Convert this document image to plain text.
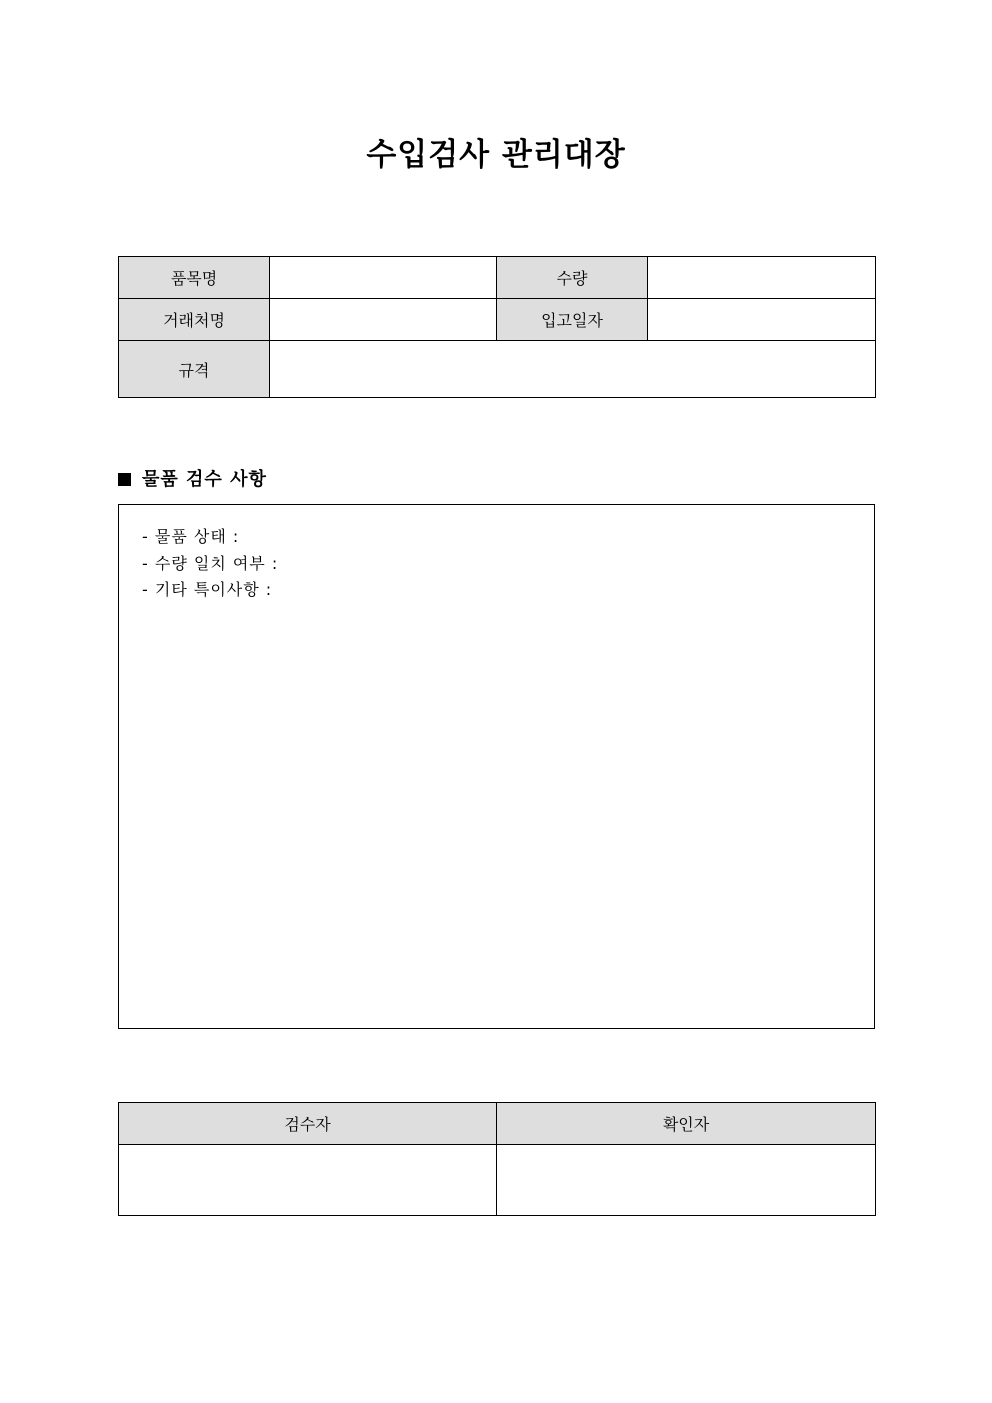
수입검사 관리대장
품목명		수량	
거래처명		입고일자	
규격			
물품 검수 사항
- 물품 상태 :
- 수량 일치 여부 :
- 기타 특이사항 :
검수자	확인자
